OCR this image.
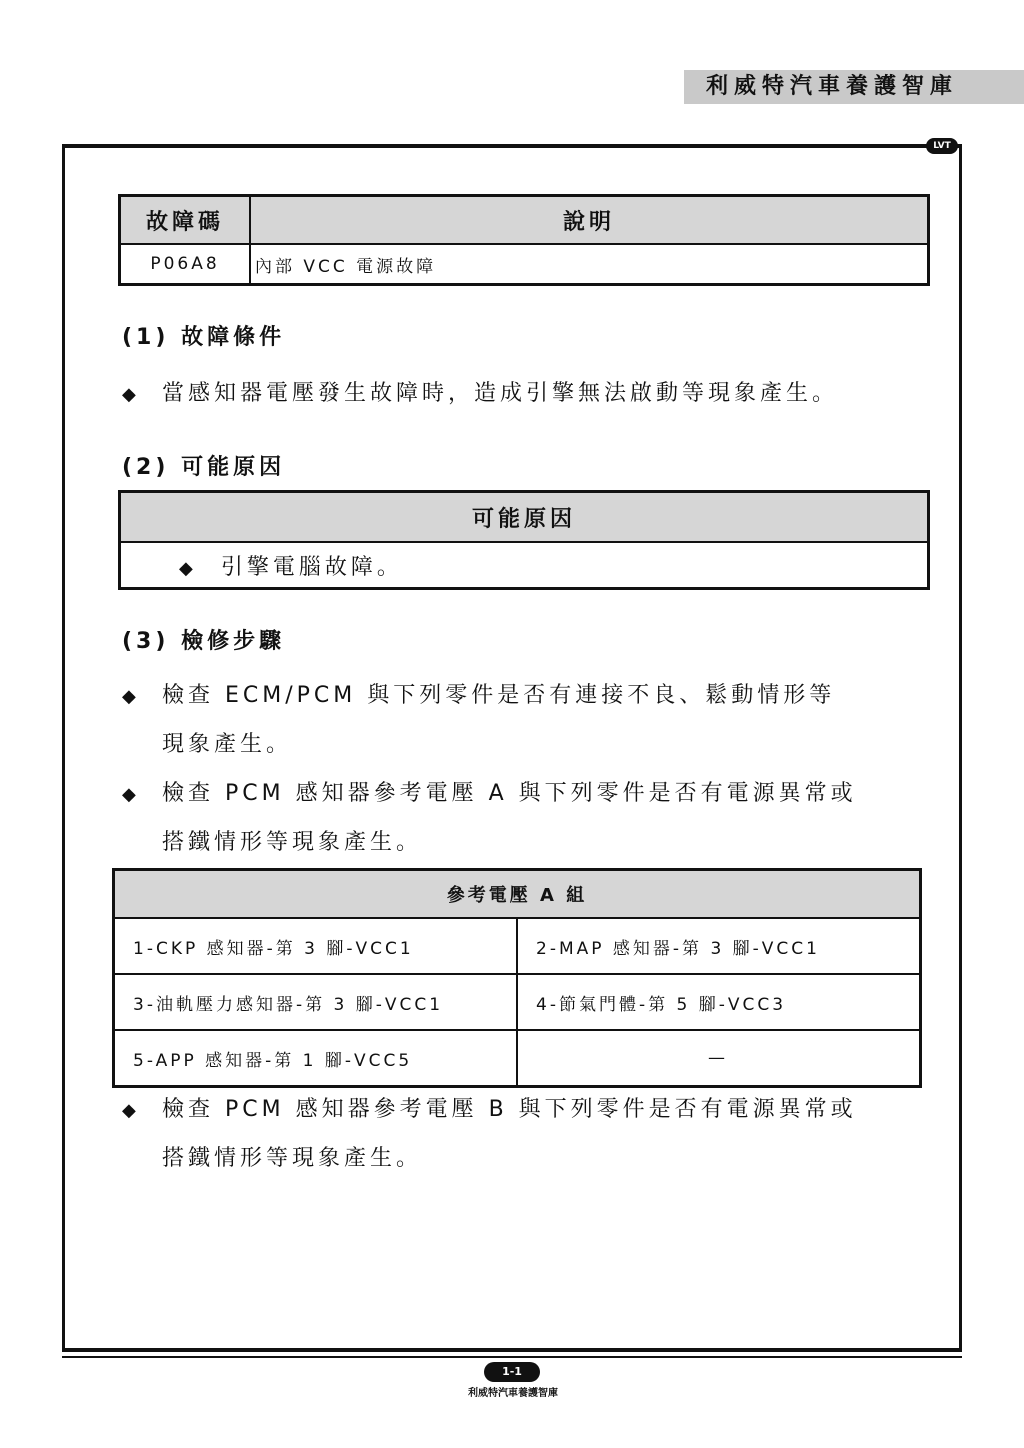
利威特汽車養護智庫
LVT
故障碼	說明
P06A8	內部 VCC 電源故障
(1) 故障條件

◆ 當感知器電壓發生故障時，造成引擎無法啟動等現象產生。

(2) 可能原因
可能原因
◆ 引擎電腦故障。
(3) 檢修步驟

◆ 檢查 ECM/PCM 與下列零件是否有連接不良、鬆動情形等
現象產生。

◆ 檢查 PCM 感知器參考電壓 A 與下列零件是否有電源異常或
搭鐵情形等現象產生。

參考電壓 A 組	
1-CKP 感知器-第 3 腳-VCC1	2-MAP 感知器-第 3 腳-VCC1
3-油軌壓力感知器-第 3 腳-VCC1	4-節氣門體-第 5 腳-VCC3
5-APP 感知器-第 1 腳-VCC5	—

◆ 檢查 PCM 感知器參考電壓 B 與下列零件是否有電源異常或
搭鐵情形等現象產生。

1-1
利威特汽車養護智庫
